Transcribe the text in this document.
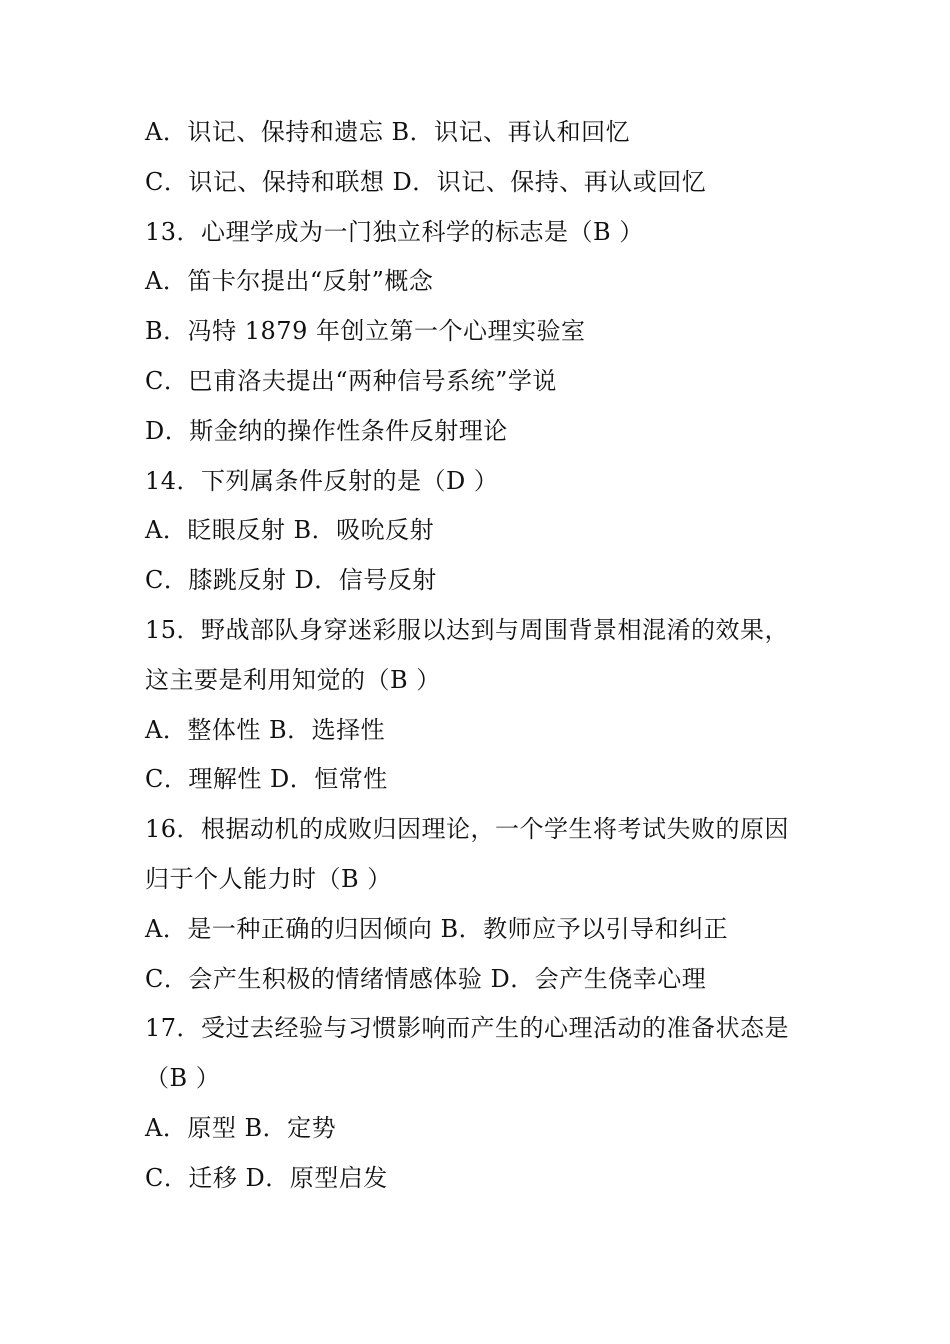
A．识记、保持和遗忘 B．识记、再认和回忆
C．识记、保持和联想 D．识记、保持、再认或回忆
13．心理学成为一门独立科学的标志是（B ）
A．笛卡尔提出“反射”概念
B．冯特 1879 年创立第一个心理实验室
C．巴甫洛夫提出“两种信号系统”学说
D．斯金纳的操作性条件反射理论
14．下列属条件反射的是（D ）
A．眨眼反射 B．吸吮反射
C．膝跳反射 D．信号反射
15．野战部队身穿迷彩服以达到与周围背景相混淆的效果，
这主要是利用知觉的（B ）
A．整体性 B．选择性
C．理解性 D．恒常性
16．根据动机的成败归因理论，一个学生将考试失败的原因
归于个人能力时（B ）
A．是一种正确的归因倾向 B．教师应予以引导和纠正
C．会产生积极的情绪情感体验 D．会产生侥幸心理
17．受过去经验与习惯影响而产生的心理活动的准备状态是
（B ）
A．原型 B．定势
C．迁移 D．原型启发
